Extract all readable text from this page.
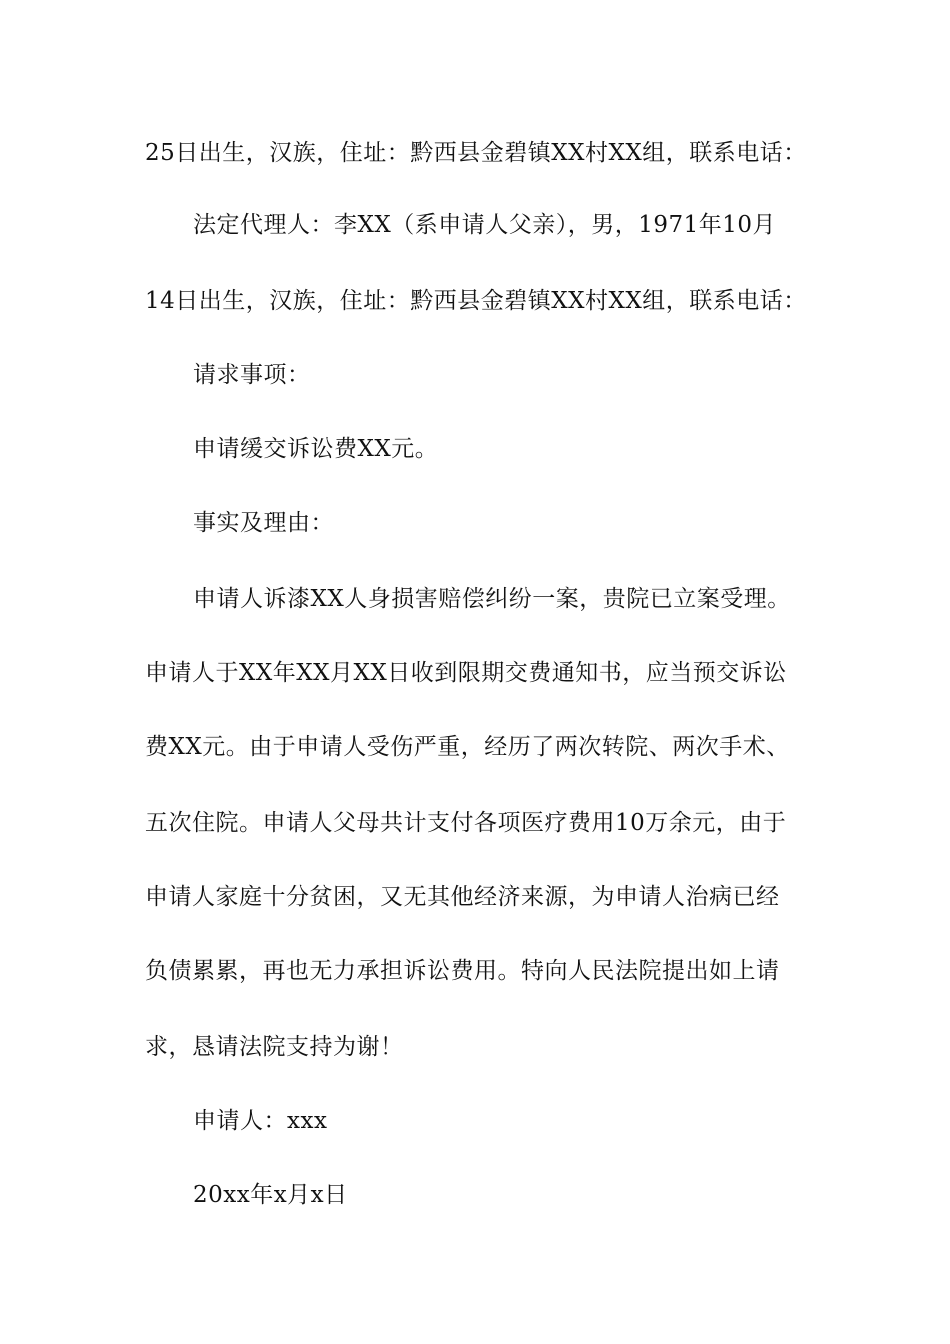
25日出生，汉族，住址：黔西县金碧镇XX村XX组，联系电话：
法定代理人：李XX（系申请人父亲），男，1971年10月
14日出生，汉族，住址：黔西县金碧镇XX村XX组，联系电话：
请求事项：
申请缓交诉讼费XX元。
事实及理由：
申请人诉漆XX人身损害赔偿纠纷一案，贵院已立案受理。
申请人于XX年XX月XX日收到限期交费通知书，应当预交诉讼
费XX元。由于申请人受伤严重，经历了两次转院、两次手术、
五次住院。申请人父母共计支付各项医疗费用10万余元，由于
申请人家庭十分贫困，又无其他经济来源，为申请人治病已经
负债累累，再也无力承担诉讼费用。特向人民法院提出如上请
求，恳请法院支持为谢！
申请人：xxx
20xx年x月x日
